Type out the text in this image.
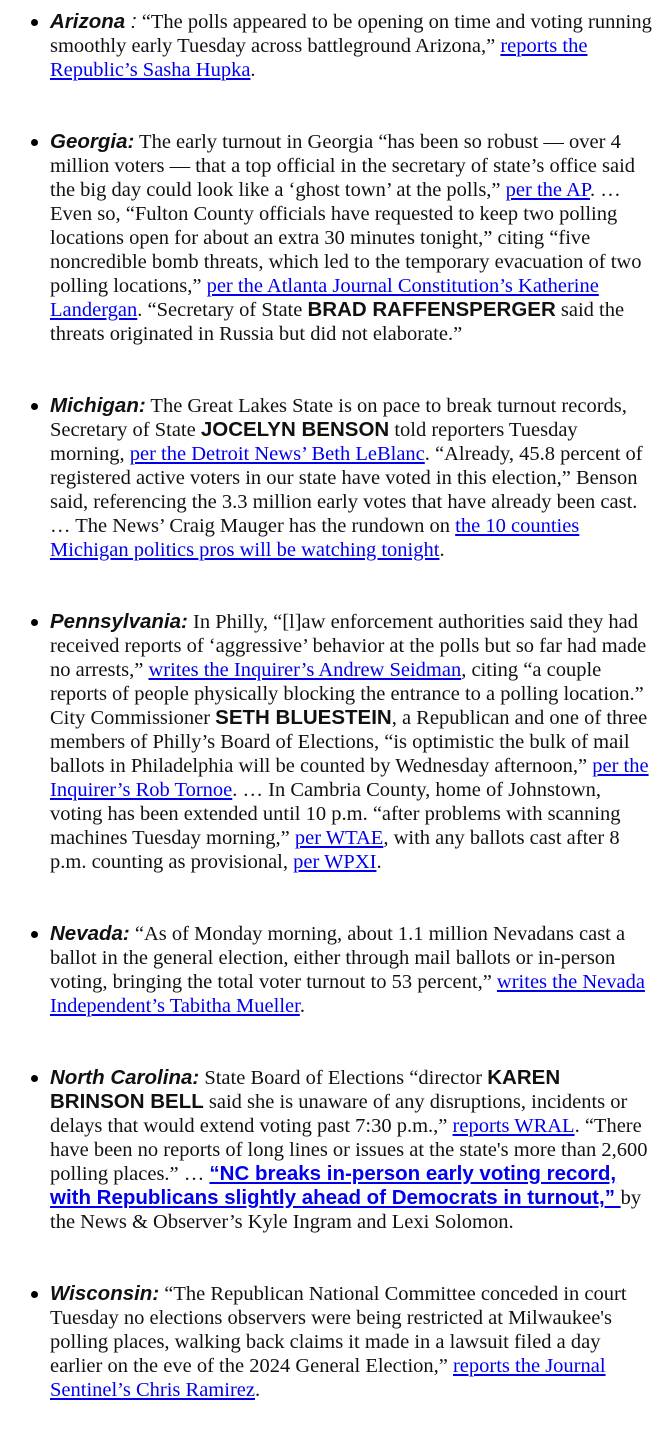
Arizona : “The polls appeared to be opening on time and voting running smoothly early Tuesday across battleground Arizona,” reports the Republic’s Sasha Hupka.
Georgia: The early turnout in Georgia “has been so robust — over 4 million voters — that a top official in the secretary of state’s office said the big day could look like a ‘ghost town’ at the polls,” per the AP. … Even so, “Fulton County officials have requested to keep two polling locations open for about an extra 30 minutes tonight,” citing “five noncredible bomb threats, which led to the temporary evacuation of two polling locations,” per the Atlanta Journal Constitution’s Katherine Landergan. “Secretary of State BRAD RAFFENSPERGER said the threats originated in Russia but did not elaborate.”
Michigan: The Great Lakes State is on pace to break turnout records, Secretary of State JOCELYN BENSON told reporters Tuesday morning, per the Detroit News’ Beth LeBlanc. “Already, 45.8 percent of registered active voters in our state have voted in this election,” Benson said, referencing the 3.3 million early votes that have already been cast. … The News’ Craig Mauger has the rundown on the 10 counties Michigan politics pros will be watching tonight.
Pennsylvania: In Philly, “[l]aw enforcement authorities said they had received reports of ‘aggressive’ behavior at the polls but so far had made no arrests,” writes the Inquirer’s Andrew Seidman, citing “a couple reports of people physically blocking the entrance to a polling location.” City Commissioner SETH BLUESTEIN, a Republican and one of three members of Philly’s Board of Elections, “is optimistic the bulk of mail ballots in Philadelphia will be counted by Wednesday afternoon,” per the Inquirer’s Rob Tornoe. … In Cambria County, home of Johnstown, voting has been extended until 10 p.m. “after problems with scanning machines Tuesday morning,” per WTAE, with any ballots cast after 8 p.m. counting as provisional, per WPXI.
Nevada: “As of Monday morning, about 1.1 million Nevadans cast a ballot in the general election, either through mail ballots or in-person voting, bringing the total voter turnout to 53 percent,” writes the Nevada Independent’s Tabitha Mueller.
North Carolina: State Board of Elections “director KAREN BRINSON BELL said she is unaware of any disruptions, incidents or delays that would extend voting past 7:30 p.m.,” reports WRAL. “There have been no reports of long lines or issues at the state's more than 2,600 polling places.” … “NC breaks in-person early voting record, with Republicans slightly ahead of Democrats in turnout,” by the News & Observer’s Kyle Ingram and Lexi Solomon.
Wisconsin: “The Republican National Committee conceded in court Tuesday no elections observers were being restricted at Milwaukee's polling places, walking back claims it made in a lawsuit filed a day earlier on the eve of the 2024 General Election,” reports the Journal Sentinel’s Chris Ramirez.
